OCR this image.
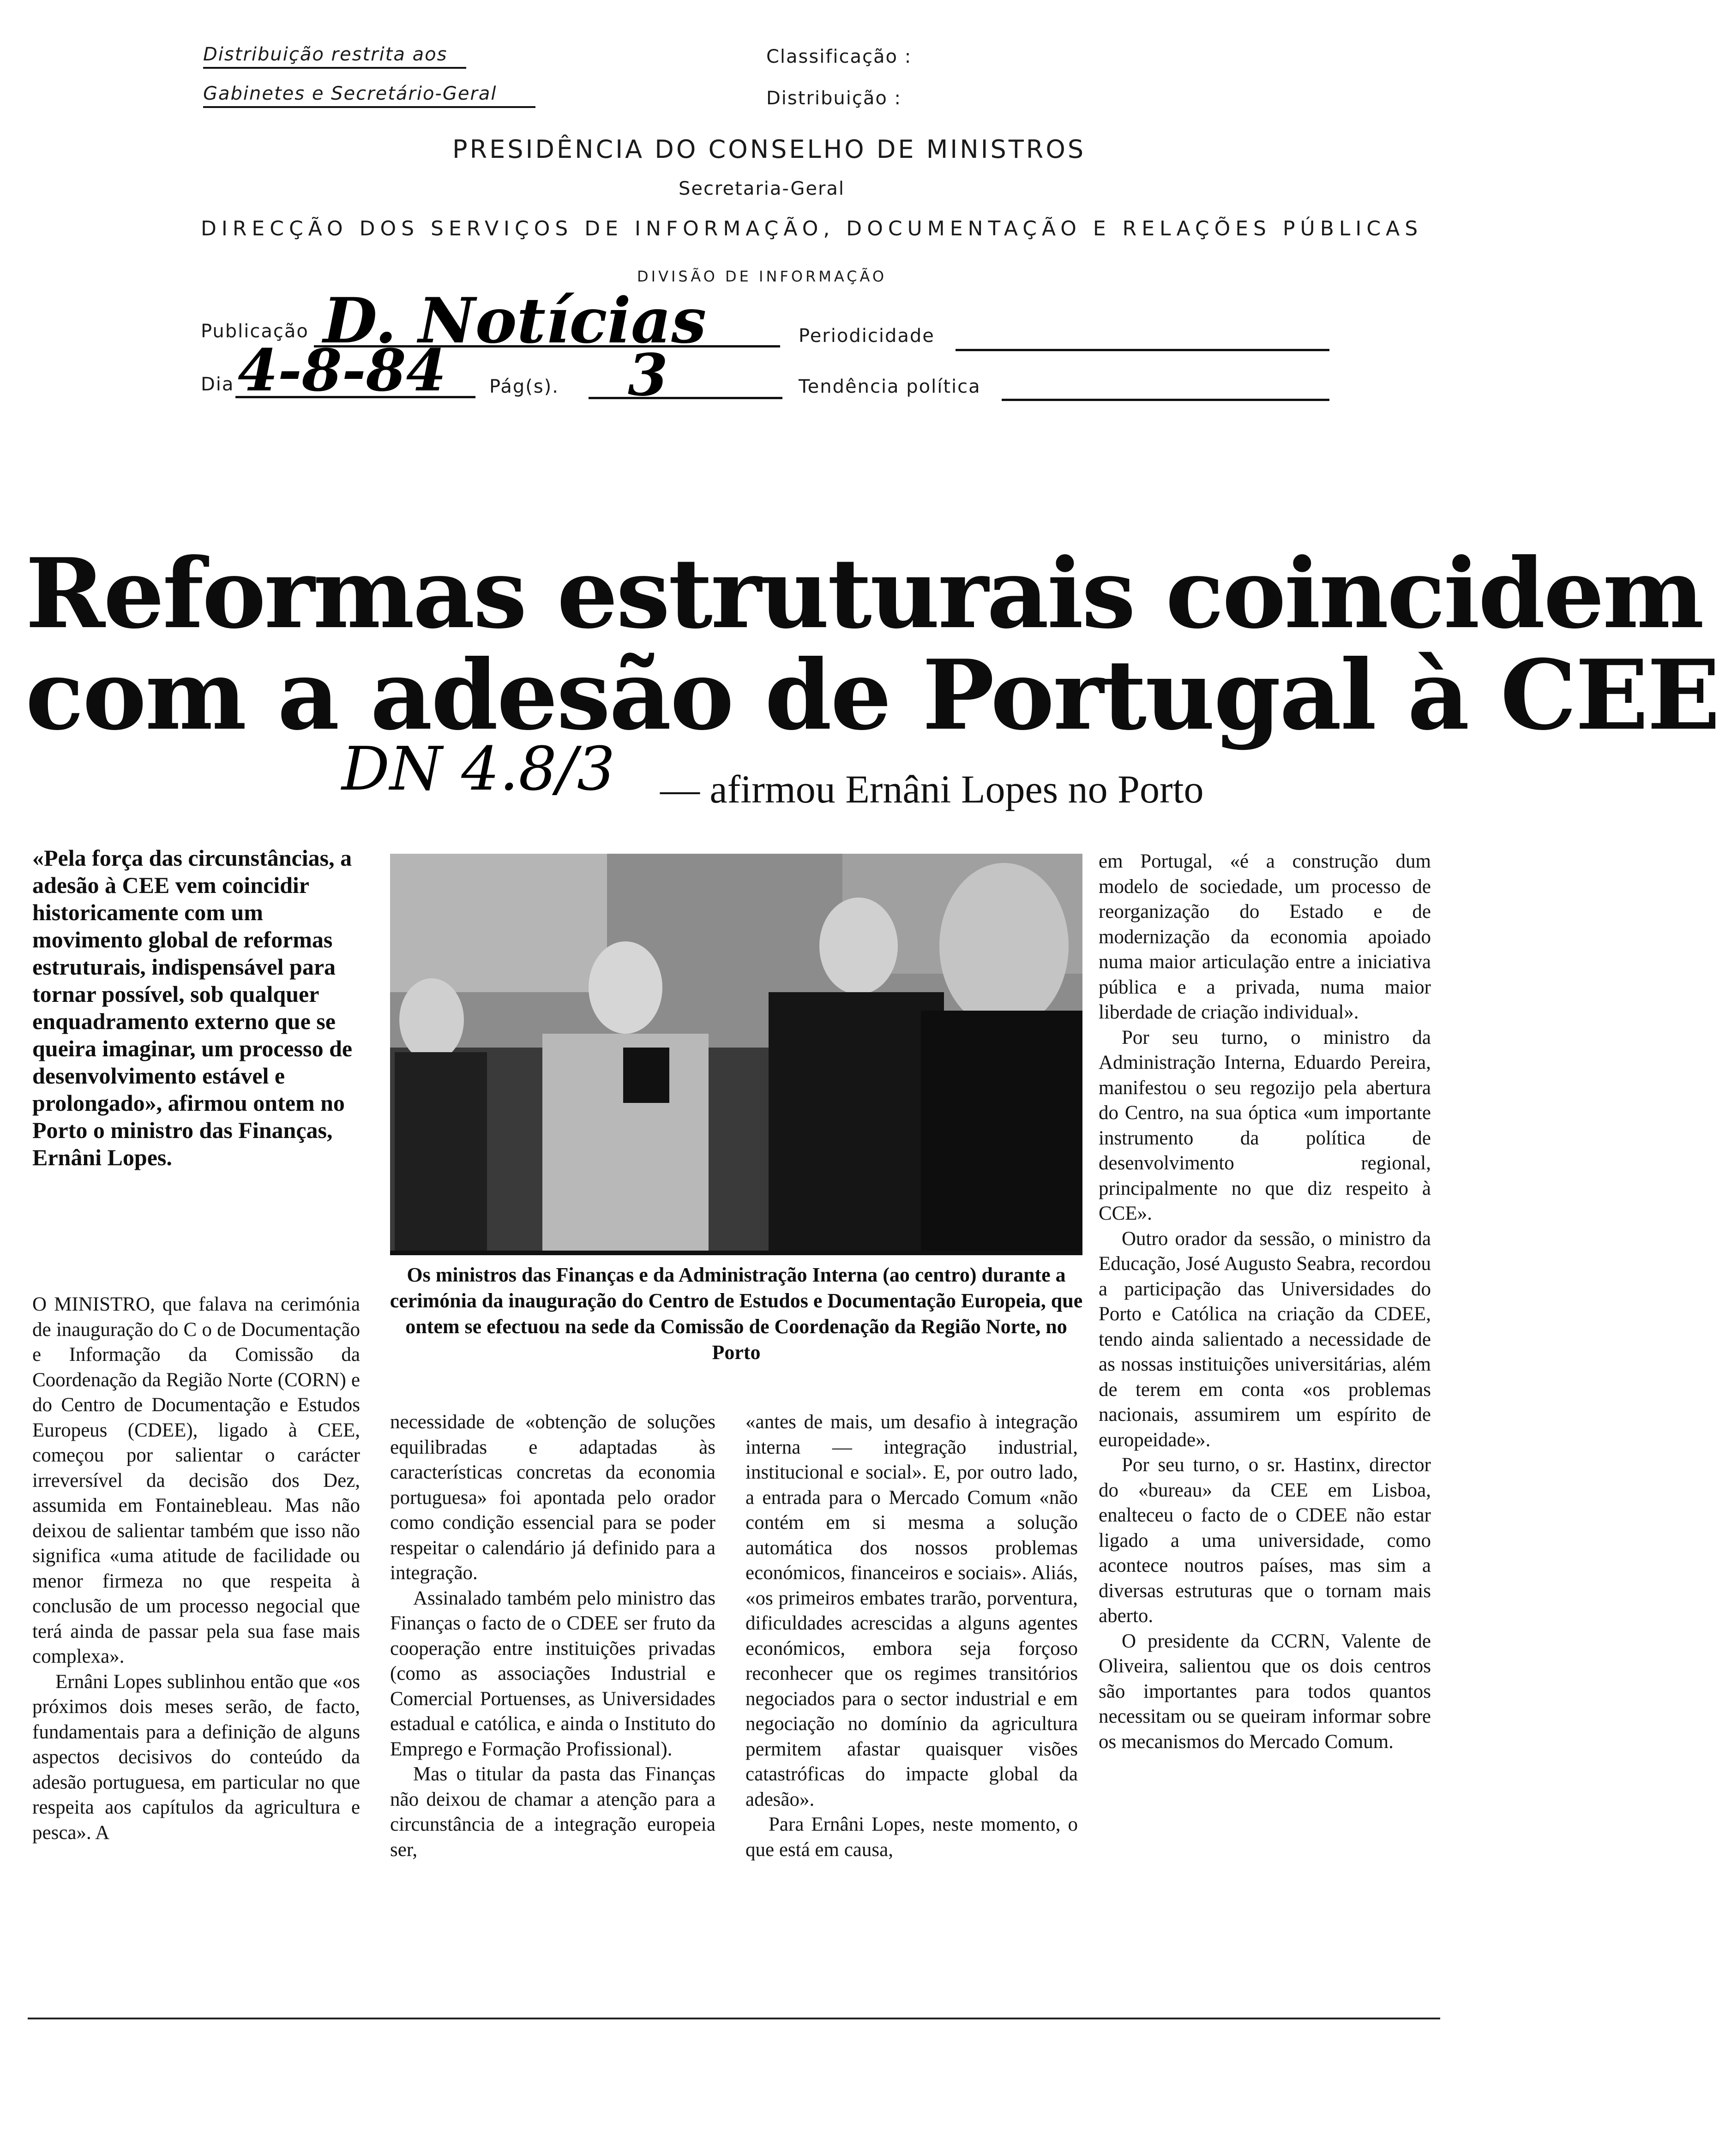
Distribuição restrita aos
Gabinetes e Secretário-Geral
Classificação :
Distribuição :
PRESIDÊNCIA DO CONSELHO DE MINISTROS
Secretaria-Geral
DIRECÇÃO DOS SERVIÇOS DE INFORMAÇÃO, DOCUMENTAÇÃO E RELAÇÕES PÚBLICAS
DIVISÃO DE INFORMAÇÃO
Publicação D. Notícias	Periodicidade
Dia 4-8-84 Pág(s). 3	Tendência política
Reformas estruturais coincidem
com a adesão de Portugal à CEE
DN 4.8/3 — afirmou Ernâni Lopes no Porto
«Pela força das circunstâncias, a adesão à CEE vem coincidir historicamente com um movimento global de reformas estruturais, indispensável para tornar possível, sob qualquer enquadramento externo que se queira imaginar, um processo de desenvolvimento estável e prolongado», afirmou ontem no Porto o ministro das Finanças, Ernâni Lopes.

O MINISTRO, que falava na cerimónia de inauguração do C o de Documentação e Informação da Comissão da Coordenação da Região Norte (CORN) e do Centro de Documentação e Estudos Europeus (CDEE), ligado à CEE, começou por salientar o carácter irreversível da decisão dos Dez, assumida em Fontainebleau. Mas não deixou de salientar também que isso não significa «uma atitude de facilidade ou menor firmeza no que respeita à conclusão de um processo negocial que terá ainda de passar pela sua fase mais complexa».

Ernâni Lopes sublinhou então que «os próximos dois meses serão, de facto, fundamentais para a definição de alguns aspectos decisivos do conteúdo da adesão portuguesa, em particular no que respeita aos capítulos da agricultura e pesca». A

Os ministros das Finanças e da Administração Interna (ao centro) durante a cerimónia da inauguração do Centro de Estudos e Documentação Europeia, que ontem se efectuou na sede da Comissão de Coordenação da Região Norte, no Porto

necessidade de «obtenção de soluções equilibradas e adaptadas às características concretas da economia portuguesa» foi apontada pelo orador como condição essencial para se poder respeitar o calendário já definido para a integração.

Assinalado também pelo ministro das Finanças o facto de o CDEE ser fruto da cooperação entre instituições privadas (como as associações Industrial e Comercial Portuenses, as Universidades estadual e católica, e ainda o Instituto do Emprego e Formação Profissional).

Mas o titular da pasta das Finanças não deixou de chamar a atenção para a circunstância de a integração europeia ser,

«antes de mais, um desafio à integração interna — integração industrial, institucional e social». E, por outro lado, a entrada para o Mercado Comum «não contém em si mesma a solução automática dos nossos problemas económicos, financeiros e sociais». Aliás, «os primeiros embates trarão, porventura, dificuldades acrescidas a alguns agentes económicos, embora seja forçoso reconhecer que os regimes transitórios negociados para o sector industrial e em negociação no domínio da agricultura permitem afastar quaisquer visões catastróficas do impacte global da adesão».

Para Ernâni Lopes, neste momento, o que está em causa,

em Portugal, «é a construção dum modelo de sociedade, um processo de reorganização do Estado e de modernização da economia apoiado numa maior articulação entre a iniciativa pública e a privada, numa maior liberdade de criação individual».

Por seu turno, o ministro da Administração Interna, Eduardo Pereira, manifestou o seu regozijo pela abertura do Centro, na sua óptica «um importante instrumento da política de desenvolvimento regional, principalmente no que diz respeito à CCE».

Outro orador da sessão, o ministro da Educação, José Augusto Seabra, recordou a participação das Universidades do Porto e Católica na criação da CDEE, tendo ainda salientado a necessidade de as nossas instituições universitárias, além de terem em conta «os problemas nacionais, assumirem um espírito de europeidade».

Por seu turno, o sr. Hastinx, director do «bureau» da CEE em Lisboa, enalteceu o facto de o CDEE não estar ligado a uma universidade, como acontece noutros países, mas sim a diversas estruturas que o tornam mais aberto.

O presidente da CCRN, Valente de Oliveira, salientou que os dois centros são importantes para todos quantos necessitam ou se queiram informar sobre os mecanismos do Mercado Comum.
